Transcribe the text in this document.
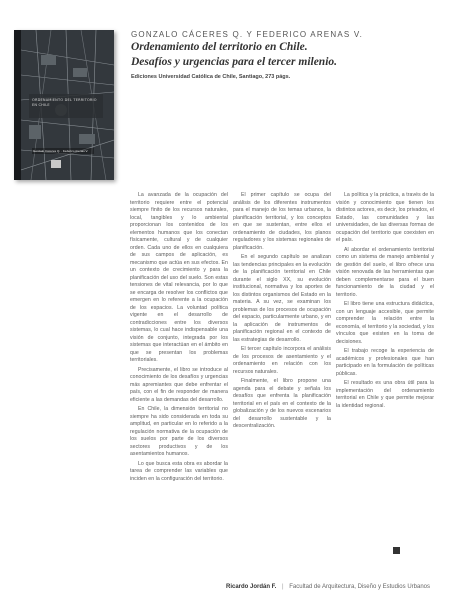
ORDENAMIENTO DEL TERRITORIO EN CHILE
Gonzalo Cáceres Q. · Federico Arenas V.
GONZALO CÁCERES Q. Y FEDERICO ARENAS V.
Ordenamiento del territorio en Chile.
Desafíos y urgencias para el tercer milenio.
Ediciones Universidad Católica de Chile, Santiago, 273 págs.

La avanzada de la ocupación del territorio requiere entre el potencial siempre finito de los recursos naturales, local, tangibles y lo ambiental proporcionan los contenidos de los elementos humanos que los conectan físicamente, cultural y de cualquier orden. Cada uno de ellos en cualquiera de sus campos de aplicación, es mecanismo que actúa en sus efectos. En un contexto de crecimiento y para la planificación del uso del suelo. Son estas tensiones de vital relevancia, por lo que se encarga de resolver los conflictos que emergen en lo referente a la ocupación de los espacios. La voluntad política vigente en el desarrollo de contradicciones entre los diversos sistemas, lo cual hace indispensable una visión de conjunto, integrada por los sistemas que interactúan en el ámbito en que se presentan los problemas territoriales.

Precisamente, el libro se introduce al conocimiento de los desafíos y urgencias más apremiantes que debe enfrentar el país, con el fin de responder de manera eficiente a las demandas del desarrollo.

En Chile, la dimensión territorial no siempre ha sido considerada en toda su amplitud, en particular en lo referido a la regulación normativa de la ocupación de los suelos por parte de los diversos sectores productivos y de los asentamientos humanos.

Lo que busca esta obra es abordar la tarea de comprender las variables que inciden en la configuración del territorio.

El primer capítulo se ocupa del análisis de los diferentes instrumentos para el manejo de los temas urbanos, la planificación territorial, y los conceptos en que se sustentan, entre ellos el ordenamiento de ciudades, los planos reguladores y los sistemas regionales de planificación.

En el segundo capítulo se analizan las tendencias principales en la evolución de la planificación territorial en Chile durante el siglo XX, su evolución institucional, normativa y los aportes de los distintos organismos del Estado en la materia. A su vez, se examinan los problemas de los procesos de ocupación del espacio, particularmente urbano, y en la aplicación de instrumentos de planificación regional en el contexto de las estrategias de desarrollo.

El tercer capítulo incorpora el análisis de los procesos de asentamiento y el ordenamiento en relación con los recursos naturales.

Finalmente, el libro propone una agenda para el debate y señala los desafíos que enfrenta la planificación territorial en el país en el contexto de la globalización y de los nuevos escenarios del desarrollo sustentable y la descentralización.

La política y la práctica, a través de la visión y conocimiento que tienen los distintos actores, es decir, los privados, el Estado, las comunidades y las universidades, de las diversas formas de ocupación del territorio que coexisten en el país.

Al abordar el ordenamiento territorial como un sistema de manejo ambiental y de gestión del suelo, el libro ofrece una visión renovada de las herramientas que deben complementarse para el buen funcionamiento de la ciudad y el territorio.

El libro tiene una estructura didáctica, con un lenguaje accesible, que permite comprender la relación entre la economía, el territorio y la sociedad, y los vínculos que existen en la toma de decisiones.

El trabajo recoge la experiencia de académicos y profesionales que han participado en la formulación de políticas públicas.

El resultado es una obra útil para la implementación del ordenamiento territorial en Chile y que permite mejorar la identidad regional.

Ricardo Jordán F. | Facultad de Arquitectura, Diseño y Estudios Urbanos
